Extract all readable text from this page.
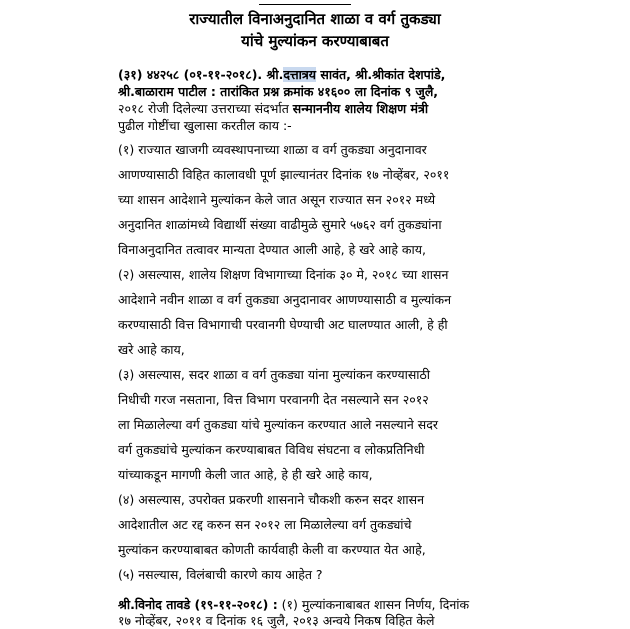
राज्यातील विनाअनुदानित शाळा व वर्ग तुकड्या
यांचे मुल्यांकन करण्याबाबत
(३१) ४४२५८ (०१-११-२०१८). श्री.दत्तात्रय सावंत, श्री.श्रीकांत देशपांडे,
श्री.बाळाराम पाटील : तारांकित प्रश्न क्रमांक ४१६०० ला दिनांक ९ जुलै,
२०१८ रोजी दिलेल्या उत्तराच्या संदर्भात सन्माननीय शालेय शिक्षण मंत्री
पुढील गोष्टींचा खुलासा करतील काय :-
(१) राज्यात खाजगी व्यवस्थापनाच्या शाळा व वर्ग तुकड्या अनुदानावर
आणण्यासाठी विहित कालावधी पूर्ण झाल्यानंतर दिनांक १७ नोव्हेंबर, २०११
च्या शासन आदेशाने मुल्यांकन केले जात असून राज्यात सन २०१२ मध्ये
अनुदानित शाळांमध्ये विद्यार्थी संख्या वाढीमुळे सुमारे ५७६२ वर्ग तुकड्यांना
विनाअनुदानित तत्वावर मान्यता देण्यात आली आहे, हे खरे आहे काय,
(२) असल्यास, शालेय शिक्षण विभागाच्या दिनांक ३० मे, २०१८ च्या शासन
आदेशाने नवीन शाळा व वर्ग तुकड्या अनुदानावर आणण्यासाठी व मुल्यांकन
करण्यासाठी वित्त विभागाची परवानगी घेण्याची अट घालण्यात आली, हे ही
खरे आहे काय,
(३) असल्यास, सदर शाळा व वर्ग तुकड्या यांना मुल्यांकन करण्यासाठी
निधीची गरज नसताना, वित्त विभाग परवानगी देत नसल्याने सन २०१२
ला मिळालेल्या वर्ग तुकड्या यांचे मुल्यांकन करण्यात आले नसल्याने सदर
वर्ग तुकड्यांचे मुल्यांकन करण्याबाबत विविध संघटना व लोकप्रतिनिधी
यांच्याकडून मागणी केली जात आहे, हे ही खरे आहे काय,
(४) असल्यास, उपरोक्त प्रकरणी शासनाने चौकशी करुन सदर शासन
आदेशातील अट रद्द करुन सन २०१२ ला मिळालेल्या वर्ग तुकड्यांचे
मुल्यांकन करण्याबाबत कोणती कार्यवाही केली वा करण्यात येत आहे,
(५) नसल्यास, विलंबाची कारणे काय आहेत ?
श्री.विनोद तावडे (१९-११-२०१८) : (१) मुल्यांकनाबाबत शासन निर्णय, दिनांक
१७ नोव्हेंबर, २०११ व दिनांक १६ जुलै, २०१३ अन्वये निकष विहित केले
